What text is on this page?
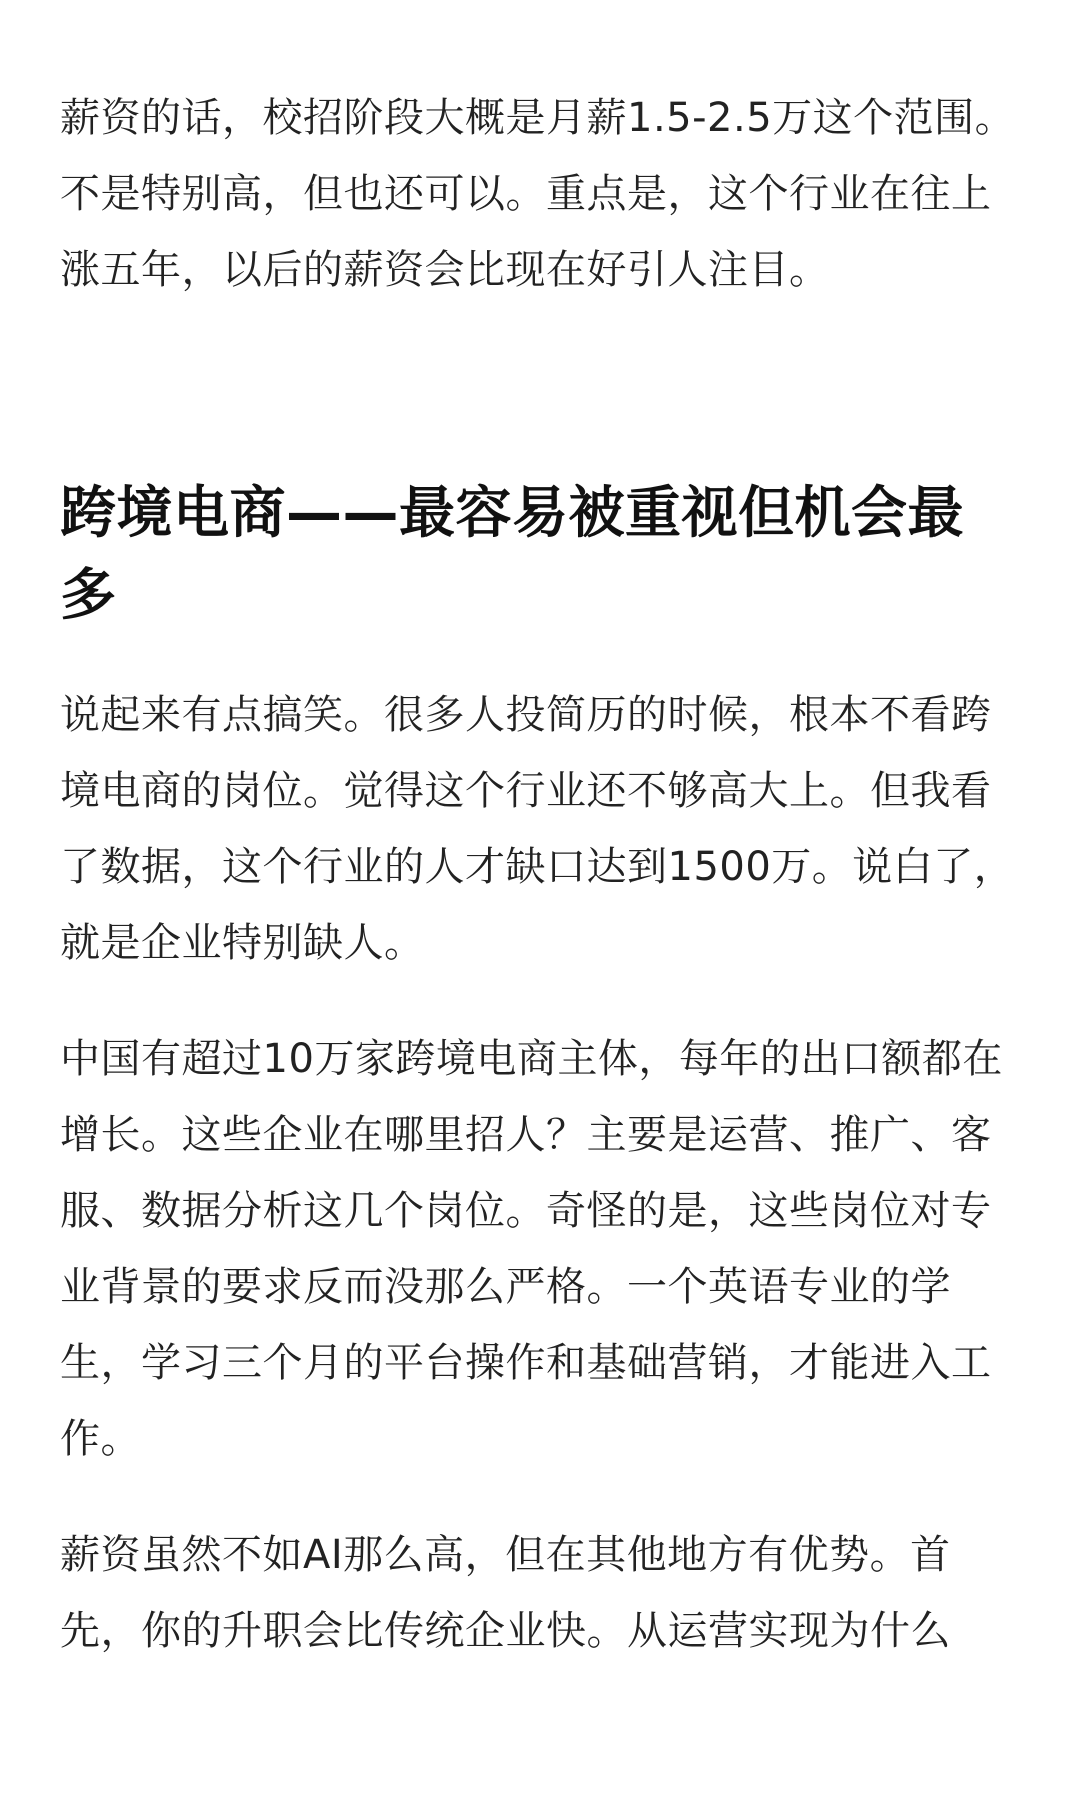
薪资的话，校招阶段大概是月薪1.5-2.5万这个范围。不是特别高，但也还可以。重点是，这个行业在往上涨五年，以后的薪资会比现在好引人注目。

跨境电商——最容易被重视但机会最多

说起来有点搞笑。很多人投简历的时候，根本不看跨境电商的岗位。觉得这个行业还不够高大上。但我看了数据，这个行业的人才缺口达到1500万。说白了，就是企业特别缺人。

中国有超过10万家跨境电商主体，每年的出口额都在增长。这些企业在哪里招人？主要是运营、推广、客服、数据分析这几个岗位。奇怪的是，这些岗位对专业背景的要求反而没那么严格。一个英语专业的学生，学习三个月的平台操作和基础营销，才能进入工作。

薪资虽然不如AI那么高，但在其他地方有优势。首先，你的升职会比传统企业快。从运营实现为什么
